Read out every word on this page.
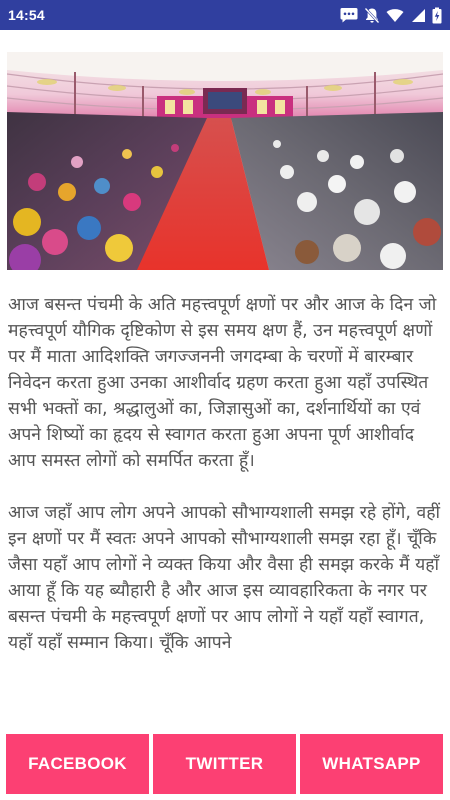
14:54

आज बसन्त पंचमी के अति महत्त्वपूर्ण क्षणों पर और आज के दिन जो महत्त्वपूर्ण यौगिक दृष्टिकोण से इस समय क्षण हैं, उन महत्त्वपूर्ण क्षणों पर मैं माता आदिशक्ति जगज्जननी जगदम्बा के चरणों में बारम्बार निवेदन करता हुआ उनका आशीर्वाद ग्रहण करता हुआ यहाँ उपस्थित सभी भक्तों का, श्रद्धालुओं का, जिज्ञासुओं का, दर्शनार्थियों का एवं अपने शिष्यों का हृदय से स्वागत करता हुआ अपना पूर्ण आशीर्वाद आप समस्त लोगों को समर्पित करता हूँ।

आज जहाँ आप लोग अपने आपको सौभाग्यशाली समझ रहे होंगे, वहीं इन क्षणों पर मैं स्वतः अपने आपको सौभाग्यशाली समझ रहा हूँ। चूँकि जैसा यहाँ आप लोगों ने व्यक्त किया और वैसा ही समझ करके मैं यहाँ आया हूँ कि यह ब्यौहारी है और आज इस व्यावहारिकता के नगर पर बसन्त पंचमी के महत्त्वपूर्ण क्षणों पर आप लोगों ने यहाँ यहाँ स्वागत, यहाँ यहाँ सम्मान किया। चूँकि आपने

FACEBOOK	TWITTER	WHATSAPP
